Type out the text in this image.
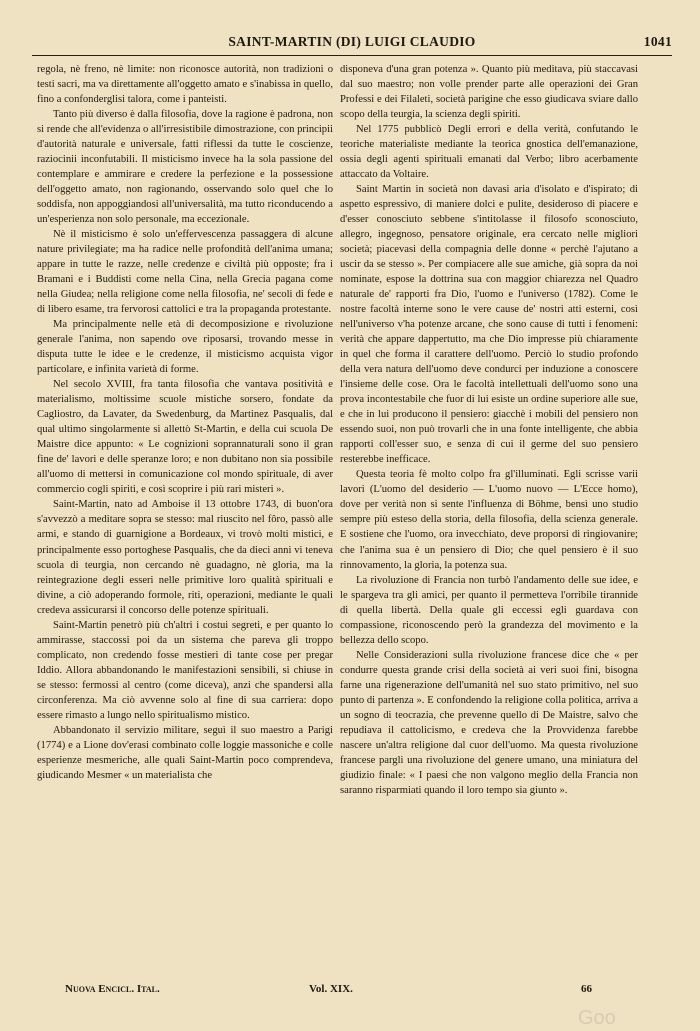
SAINT-MARTIN (DI) LUIGI CLAUDIO	1041

regola, nè freno, nè limite: non riconosce autorità, non tradizioni o testi sacri, ma va direttamente all'oggetto amato e s'inabissa in quello, fino a confonderglisi talora, come i panteisti.

Tanto più diverso è dalla filosofia, dove la ragione è padrona, non si rende che all'evidenza o all'irresistibile dimostrazione, con principii d'autorità naturale e universale, fatti riflessi da tutte le coscienze, raziocinii inconfutabili. Il misticismo invece ha la sola passione del contemplare e ammirare e credere la perfezione e la possessione dell'oggetto amato, non ragionando, osservando solo quel che lo soddisfa, non appoggiandosi all'universalità, ma tutto riconducendo a un'esperienza non solo personale, ma eccezionale.

Nè il misticismo è solo un'effervescenza passaggera di alcune nature privilegiate; ma ha radice nelle profondità dell'anima umana; appare in tutte le razze, nelle credenze e civiltà più opposte; fra i Bramani e i Buddisti come nella Cina, nella Grecia pagana come nella Giudea; nella religione come nella filosofia, ne' secoli di fede e di libero esame, tra fervorosi cattolici e tra la propaganda protestante.

Ma principalmente nelle età di decomposizione e rivoluzione generale l'anima, non sapendo ove riposarsi, trovando messe in disputa tutte le idee e le credenze, il misticismo acquista vigor particolare, e infinita varietà di forme.

Nel secolo XVIII, fra tanta filosofia che vantava positività e materialismo, moltissime scuole mistiche sorsero, fondate da Cagliostro, da Lavater, da Swedenburg, da Martinez Pasqualis, dal qual ultimo singolarmente si allettò St-Martin, e della cui scuola De Maistre dice appunto: « Le cognizioni soprannaturali sono il gran fine de' lavori e delle speranze loro; e non dubitano non sia possibile all'uomo di mettersi in comunicazione col mondo spirituale, di aver commercio cogli spiriti, e così scoprire i più rari misteri ».

Saint-Martin, nato ad Amboise il 13 ottobre 1743, di buon'ora s'avvezzò a meditare sopra se stesso: mal riuscito nel fôro, passò alle armi, e stando di guarnigione a Bordeaux, vi trovò molti mistici, e principalmente esso portoghese Pasqualis, che da dieci anni vi teneva scuola di teurgia, non cercando nè guadagno, nè gloria, ma la reintegrazione degli esseri nelle primitive loro qualità spirituali e divine, a ciò adoperando formole, riti, operazioni, mediante le quali credeva assicurarsi il concorso delle potenze spirituali.

Saint-Martin penetrò più ch'altri i costui segreti, e per quanto lo ammirasse, staccossi poi da un sistema che pareva gli troppo complicato, non credendo fosse mestieri di tante cose per pregar Iddio. Allora abbandonando le manifestazioni sensibili, si chiuse in se stesso: fermossi al centro (come diceva), anzi che spandersi alla circonferenza. Ma ciò avvenne solo al fine di sua carriera: dopo essere rimasto a lungo nello spiritualismo mistico.

Abbandonato il servizio militare, seguì il suo maestro a Parigi (1774) e a Lione dov'erasi combinato colle loggie massoniche e colle esperienze mesmeriche, alle quali Saint-Martin poco comprendeva, giudicando Mesmer « un materialista che

disponeva d'una gran potenza ». Quanto più meditava, più staccavasi dal suo maestro; non volle prender parte alle operazioni dei Gran Professi e dei Filaleti, società parigine che esso giudicava sviare dallo scopo della teurgia, la scienza degli spiriti.

Nel 1775 pubblicò Degli errori e della verità, confutando le teoriche materialiste mediante la teorica gnostica dell'emanazione, ossia degli agenti spirituali emanati dal Verbo; libro acerbamente attaccato da Voltaire.

Saint Martin in società non davasi aria d'isolato e d'ispirato; di aspetto espressivo, di maniere dolci e pulite, desideroso di piacere e d'esser conosciuto sebbene s'intitolasse il filosofo sconosciuto, allegro, ingegnoso, pensatore originale, era cercato nelle migliori società; piacevasi della compagnia delle donne « perchè l'ajutano a uscir da se stesso ». Per compiacere alle sue amiche, già sopra da noi nominate, espose la dottrina sua con maggior chiarezza nel Quadro naturale de' rapporti fra Dio, l'uomo e l'universo (1782). Come le nostre facoltà interne sono le vere cause de' nostri atti esterni, così nell'universo v'ha potenze arcane, che sono cause di tutti i fenomeni: verità che appare dappertutto, ma che Dio impresse più chiaramente in quel che forma il carattere dell'uomo. Perciò lo studio profondo della vera natura dell'uomo deve condurci per induzione a conoscere l'insieme delle cose. Ora le facoltà intellettuali dell'uomo sono una prova incontestabile che fuor di lui esiste un ordine superiore alle sue, e che in lui producono il pensiero: giacchè i mobili del pensiero non essendo suoi, non può trovarli che in una fonte intelligente, che abbia rapporti coll'esser suo, e senza di cui il germe del suo pensiero resterebbe inefficace.

Questa teoria fè molto colpo fra gl'illuminati. Egli scrisse varii lavori (L'uomo del desiderio — L'uomo nuovo — L'Ecce homo), dove per verità non si sente l'influenza di Böhme, bensì uno studio sempre più esteso della storia, della filosofia, della scienza generale. E sostiene che l'uomo, ora invecchiato, deve proporsi di ringiovanire; che l'anima sua è un pensiero di Dio; che quel pensiero è il suo rinnovamento, la gloria, la potenza sua.

La rivoluzione di Francia non turbò l'andamento delle sue idee, e le spargeva tra gli amici, per quanto il permetteva l'orribile tirannide di quella libertà. Della quale gli eccessi egli guardava con compassione, riconoscendo però la grandezza del movimento e la bellezza dello scopo.

Nelle Considerazioni sulla rivoluzione francese dice che « per condurre questa grande crisi della società ai veri suoi fini, bisogna farne una rigenerazione dell'umanità nel suo stato primitivo, nel suo punto di partenza ». E confondendo la religione colla politica, arriva a un sogno di teocrazia, che prevenne quello di De Maistre, salvo che repudiava il cattolicismo, e credeva che la Provvidenza farebbe nascere un'altra religione dal cuor dell'uomo. Ma questa rivoluzione francese pargli una rivoluzione del genere umano, una miniatura del giudizio finale: « I paesi che non valgono meglio della Francia non saranno risparmiati quando il loro tempo sia giunto ».

Nuova Encicl. Ital.	Vol. XIX.	66
Goo
